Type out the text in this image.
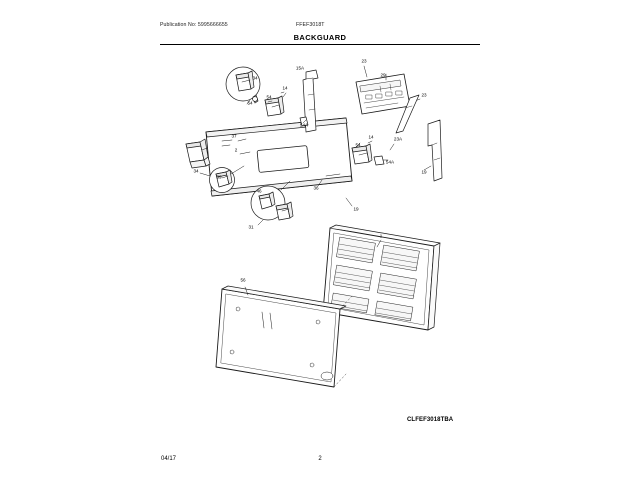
Publication No: 5995666655	FFEF3018T
BACKGUARD
34
54
15A
14
54
54A
23
29
23
14
54
23A
54A
19
37
2
39
34
46
31
19
36
1
56
CLFEF3018TBA
04/17	2
